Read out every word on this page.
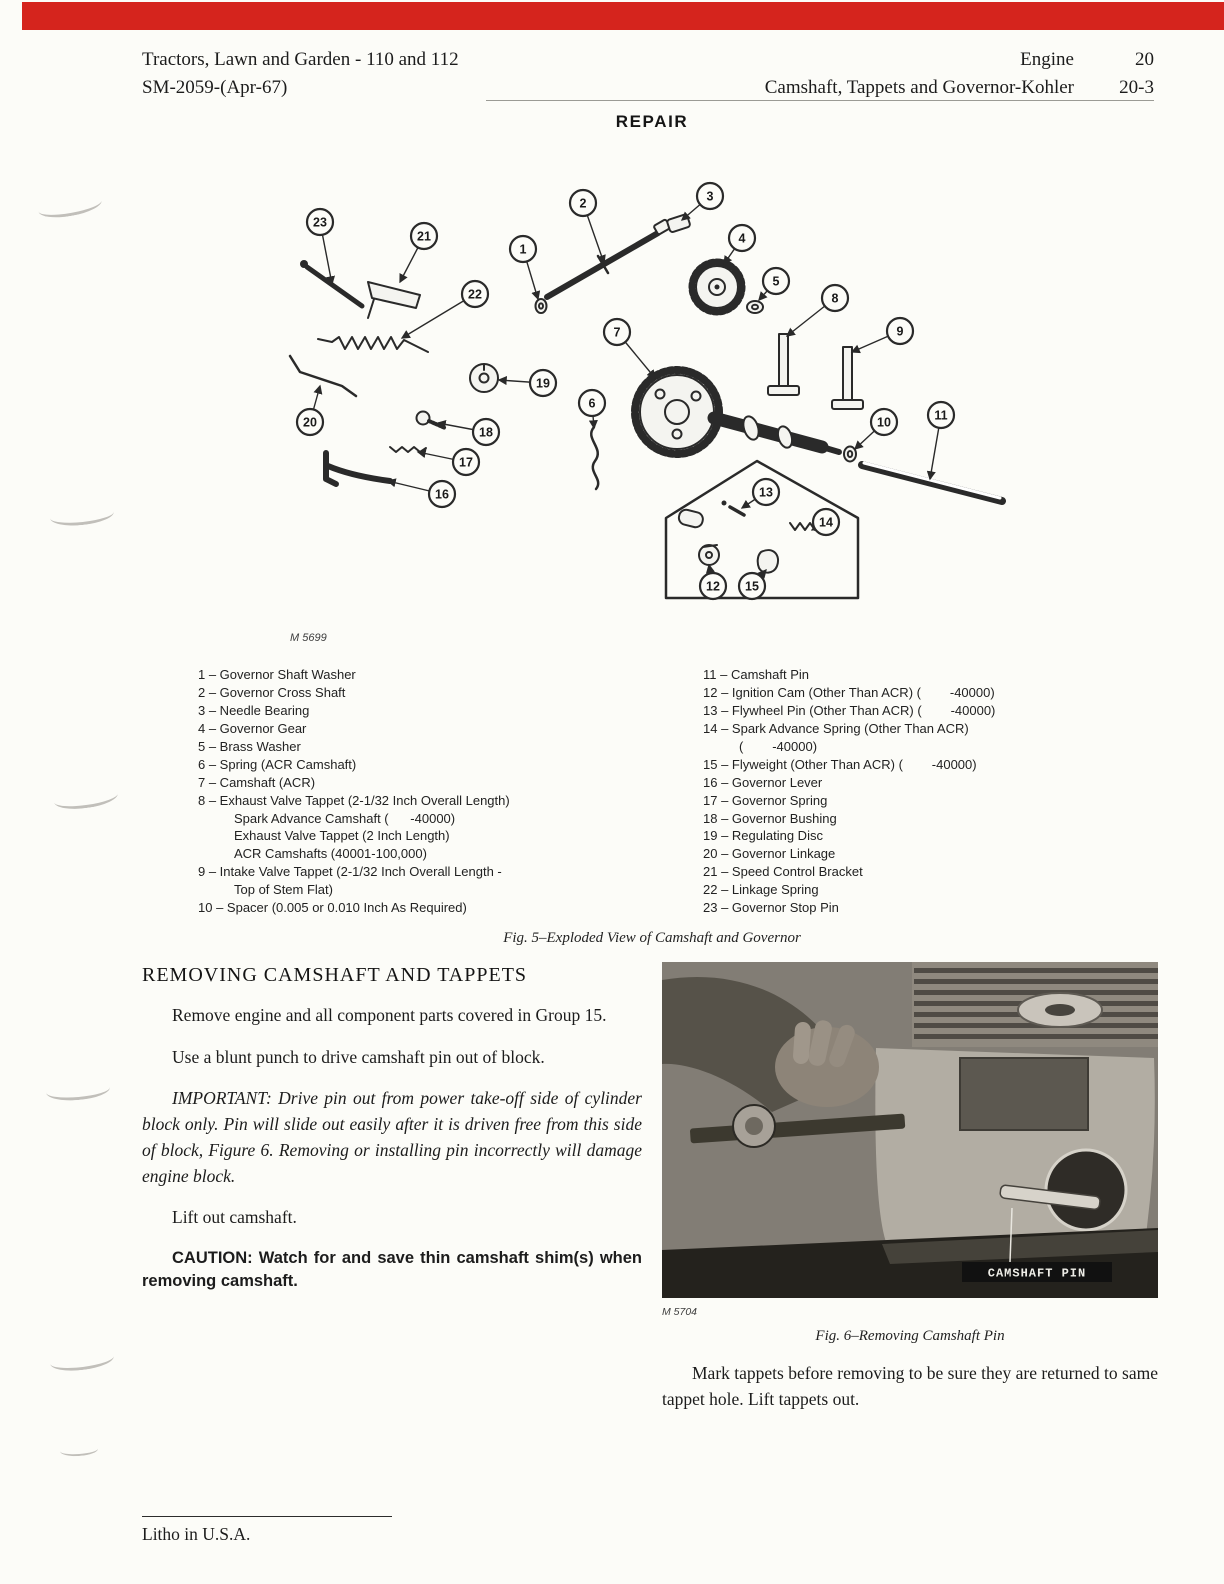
Tractors, Lawn and Garden - 110 and 112
SM-2059-(Apr-67)
Engine	20
Camshaft, Tappets and Governor-Kohler	20-3
REPAIR
1
2	3
4
5
6
7
8
9
10	11
12
13
14
15
16
17
18
19
20
21
22
23
M 5699
1 – Governor Shaft Washer
2 – Governor Cross Shaft
3 – Needle Bearing
4 – Governor Gear
5 – Brass Washer
6 – Spring (ACR Camshaft)
7 – Camshaft (ACR)
8 – Exhaust Valve Tappet (2-1/32 Inch Overall Length)
Spark Advance Camshaft (      -40000)
Exhaust Valve Tappet (2 Inch Length)
ACR Camshafts (40001-100,000)
9 – Intake Valve Tappet (2-1/32 Inch Overall Length -
Top of Stem Flat)
10 – Spacer (0.005 or 0.010 Inch As Required)
11 – Camshaft Pin
12 – Ignition Cam (Other Than ACR) (        -40000)
13 – Flywheel Pin (Other Than ACR) (        -40000)
14 – Spark Advance Spring (Other Than ACR)
(        -40000)
15 – Flyweight (Other Than ACR) (        -40000)
16 – Governor Lever
17 – Governor Spring
18 – Governor Bushing
19 – Regulating Disc
20 – Governor Linkage
21 – Speed Control Bracket
22 – Linkage Spring
23 – Governor Stop Pin
Fig. 5–Exploded View of Camshaft and Governor
REMOVING CAMSHAFT AND TAPPETS

Remove engine and all component parts covered in Group 15.

Use a blunt punch to drive camshaft pin out of block.

IMPORTANT: Drive pin out from power take-off side of cylinder block only. Pin will slide out easily after it is driven free from this side of block, Figure 6. Removing or installing pin incorrectly will damage engine block.

Lift out camshaft.

CAUTION: Watch for and save thin camshaft shim(s) when removing camshaft.	CAMSHAFT PIN
M 5704
Fig. 6–Removing Camshaft Pin

Mark tappets before removing to be sure they are returned to same tappet hole. Lift tappets out.

Litho in U.S.A.
